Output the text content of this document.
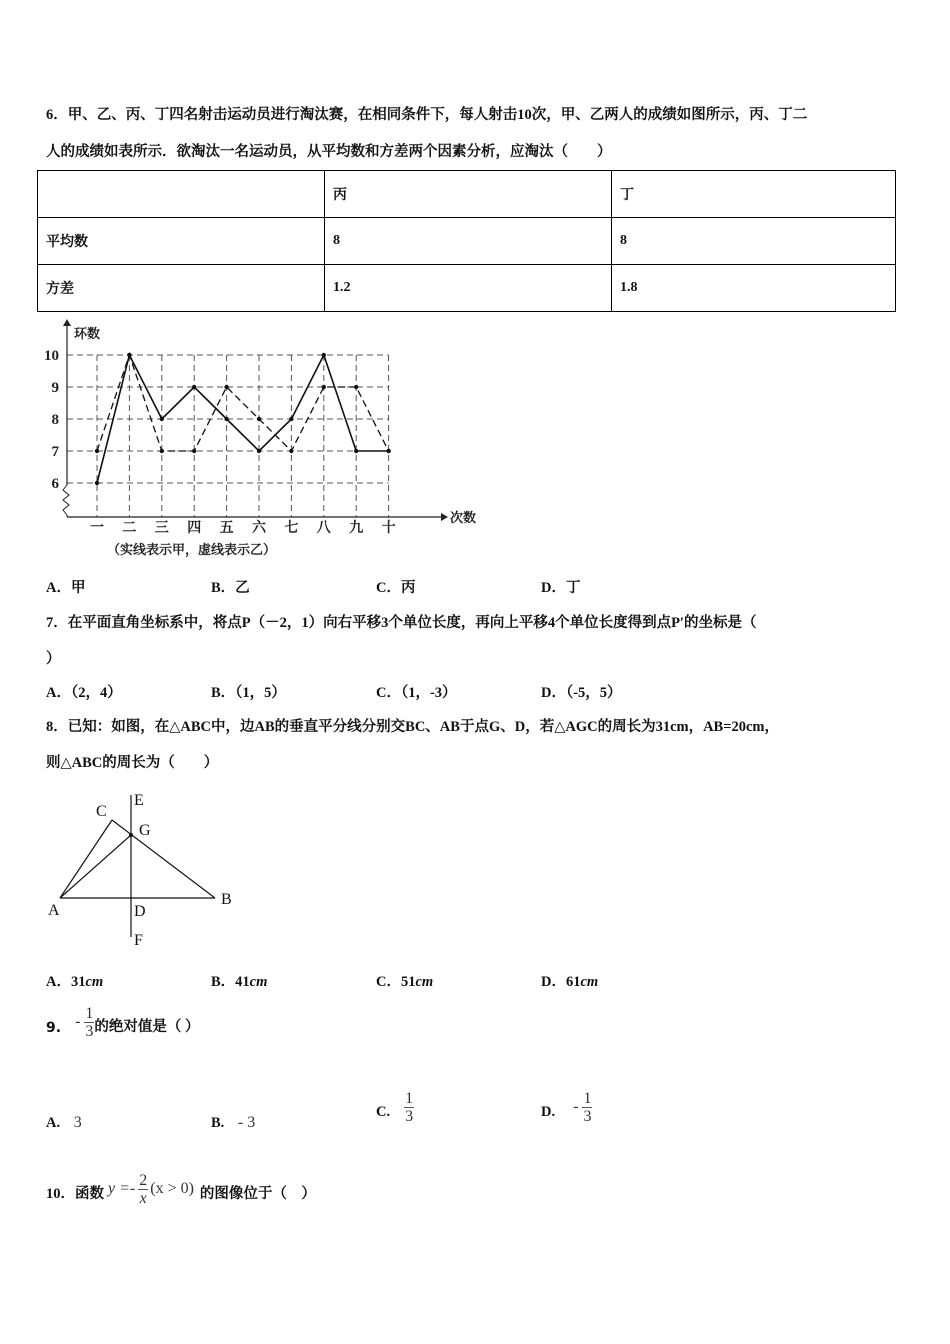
6．甲、乙、丙、丁四名射击运动员进行淘汰赛，在相同条件下，每人射击10次，甲、乙两人的成绩如图所示，丙、丁二
人的成绩如表所示．欲淘汰一名运动员，从平均数和方差两个因素分析，应淘汰（　　）
	丙	丁
平均数	8	8
方差	1.2	1.8
6
7
8
9
10
一 二 三 四 五 六 七 八 九 十
环数
次数
（实线表示甲，虚线表示乙）
A．甲	B．乙	C．丙	D．丁
7．在平面直角坐标系中，将点P（－2，1）向右平移3个单位长度，再向上平移4个单位长度得到点P′的坐标是（
）
A．（2，4）	B．（1，5）	C．（1，-3）	D．（-5，5）
8．已知：如图，在△ABC中，边AB的垂直平分线分别交BC、AB于点G、D，若△AGC的周长为31cm，AB=20cm，
则△ABC的周长为（　　）
A
B
C
D
E
F
G
A．31cm	B．41cm	C．51cm	D．61cm
9. - $\frac{1}{3}$ 的绝对值是（ ）
A. 3	B. - 3
C. $\frac{1}{3}$	D. - $\frac{1}{3}$
10．函数 $y =- \frac{2}{x} (x > 0)$ 的图像位于（　）
